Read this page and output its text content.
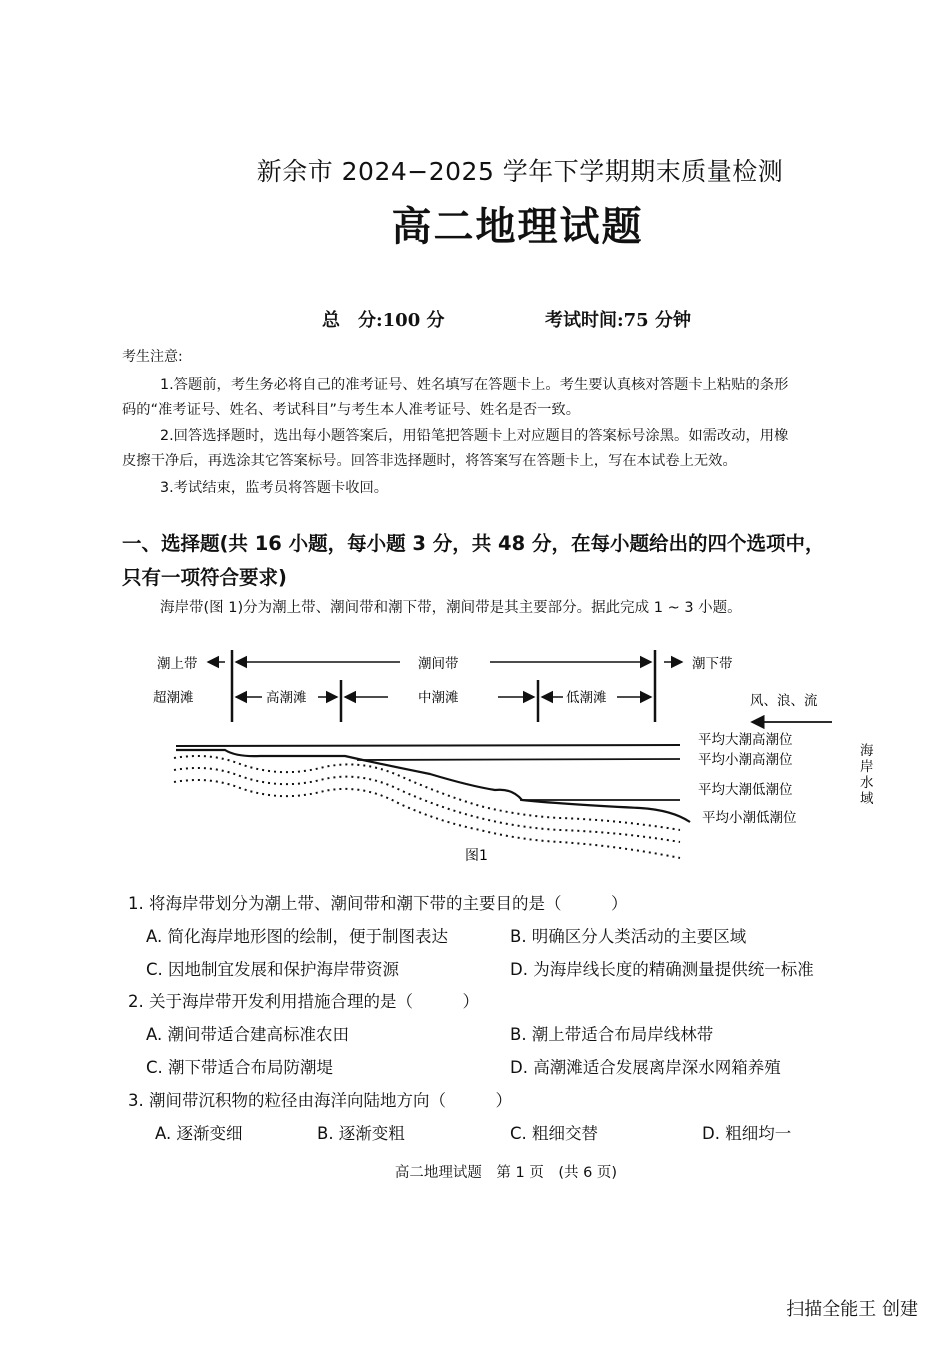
新余市 2024−2025 学年下学期期末质量检测
高二地理试题
总　分:100 分	考试时间:75 分钟
考生注意:
1.答题前，考生务必将自己的准考证号、姓名填写在答题卡上。考生要认真核对答题卡上粘贴的条形
码的“准考证号、姓名、考试科目”与考生本人准考证号、姓名是否一致。
2.回答选择题时，选出每小题答案后，用铅笔把答题卡上对应题目的答案标号涂黑。如需改动，用橡
皮擦干净后，再选涂其它答案标号。回答非选择题时，将答案写在答题卡上，写在本试卷上无效。
3.考试结束，监考员将答题卡收回。
一、选择题(共 16 小题，每小题 3 分，共 48 分，在每小题给出的四个选项中，
只有一项符合要求)
海岸带(图 1)分为潮上带、潮间带和潮下带，潮间带是其主要部分。据此完成 1 ~ 3 小题。
潮上带	潮间带	潮下带
超潮滩	高潮滩	中潮滩	低潮滩	风、浪、流
平均大潮高潮位
平均小潮高潮位
平均大潮低潮位
平均小潮低潮位
海
岸
水
域
图1
1. 将海岸带划分为潮上带、潮间带和潮下带的主要目的是（　　　）
A. 简化海岸地形图的绘制，便于制图表达	B. 明确区分人类活动的主要区域
C. 因地制宜发展和保护海岸带资源	D. 为海岸线长度的精确测量提供统一标准
2. 关于海岸带开发利用措施合理的是（　　　）
A. 潮间带适合建高标准农田	B. 潮上带适合布局岸线林带
C. 潮下带适合布局防潮堤	D. 高潮滩适合发展离岸深水网箱养殖
3. 潮间带沉积物的粒径由海洋向陆地方向（　　　）
A. 逐渐变细	B. 逐渐变粗	C. 粗细交替	D. 粗细均一
高二地理试题　第 1 页　(共 6 页)
扫描全能王 创建
